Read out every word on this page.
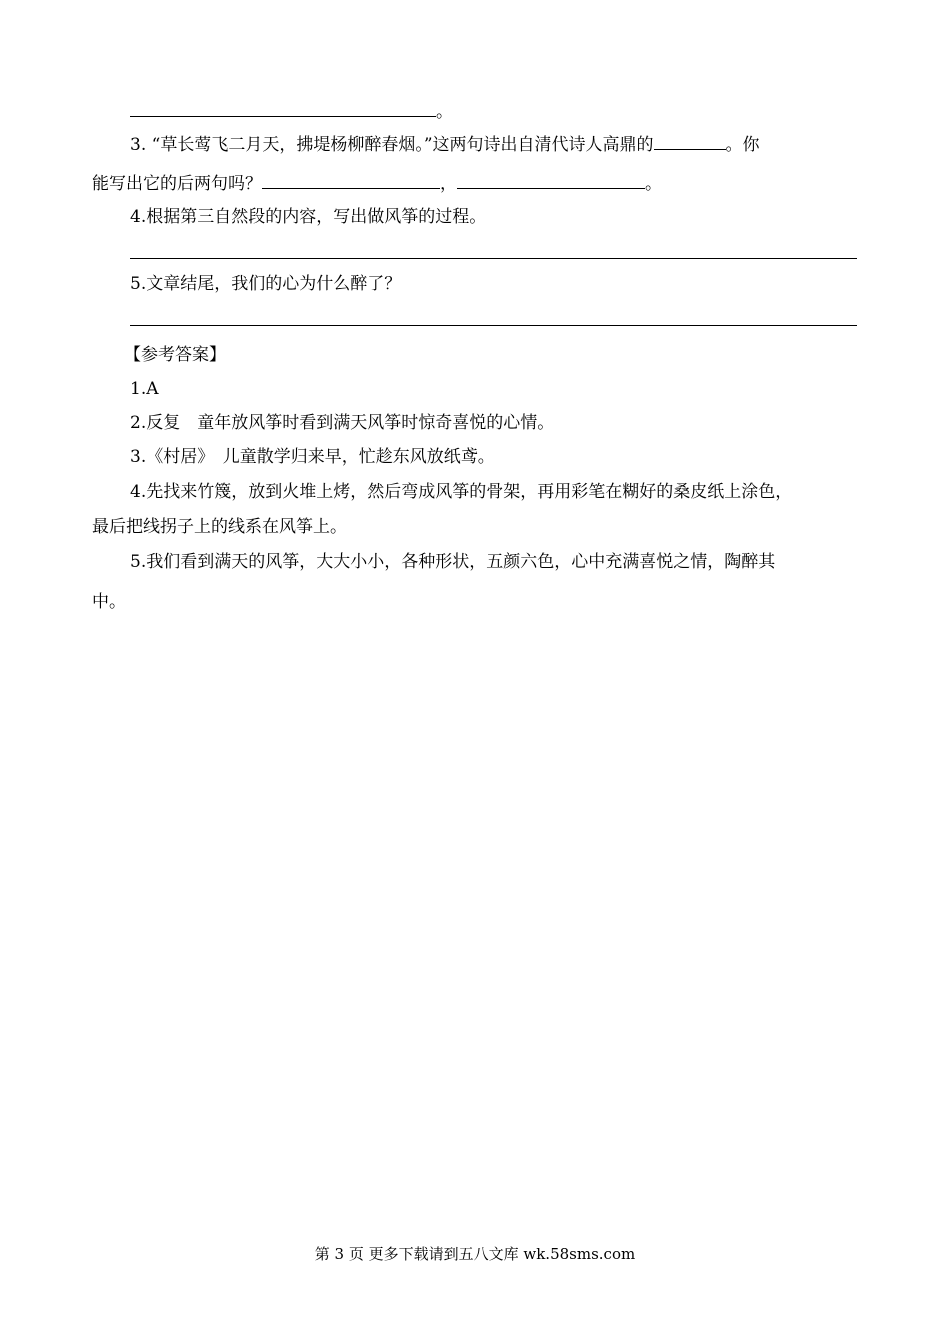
。
3. “草长莺飞二月天，拂堤杨柳醉春烟。”这两句诗出自清代诗人高鼎的	。你
能写出它的后两句吗？	，	。
4.根据第三自然段的内容，写出做风筝的过程。
5.文章结尾，我们的心为什么醉了？
【参考答案】
1.A
2.反复　童年放风筝时看到满天风筝时惊奇喜悦的心情。
3.《村居》　儿童散学归来早，忙趁东风放纸鸢。
4.先找来竹篾，放到火堆上烤，然后弯成风筝的骨架，再用彩笔在糊好的桑皮纸上涂色，
最后把线拐子上的线系在风筝上。
5.我们看到满天的风筝，大大小小，各种形状，五颜六色，心中充满喜悦之情，陶醉其
中。
第 3 页 更多下载请到五八文库 wk.58sms.com
